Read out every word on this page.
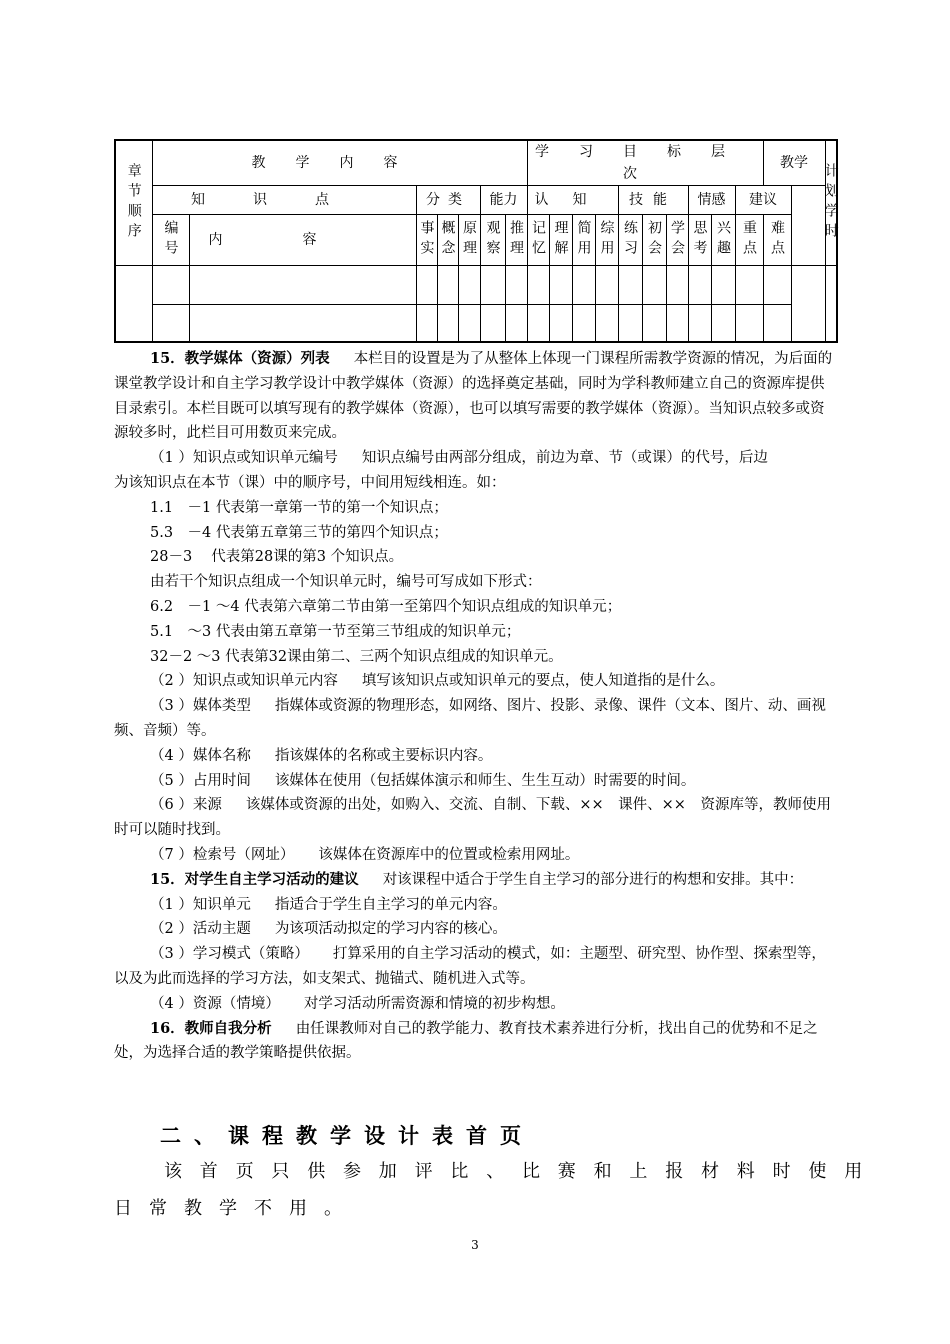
章节顺序	教学内容							学习目标层次										教学		计划学时
	知识点		分类			能力		认知				技能			情感		建议			
	编号	内容	事实	概念	原理	观察	推理	记忆	理解	简用	综用	练习	初会	学会	思考	兴趣	重点	难点		

15．教学媒体（资源）列表 本栏目的设置是为了从整体上体现一门课程所需教学资源的情况，为后面的课堂教学设计和自主学习教学设计中教学媒体（资源）的选择奠定基础，同时为学科教师建立自己的资源库提供目录索引。本栏目既可以填写现有的教学媒体（资源），也可以填写需要的教学媒体（资源）。当知识点较多或资源较多时，此栏目可用数页来完成。

（1 ）知识点或知识单元编号 知识点编号由两部分组成，前边为章、节（或课）的代号，后边

为该知识点在本节（课）中的顺序号，中间用短线相连。如：

1.1　－1 代表第一章第一节的第一个知识点；

5.3　－4 代表第五章第三节的第四个知识点；

28－3　 代表第28课的第3 个知识点。

由若干个知识点组成一个知识单元时，编号可写成如下形式：

6.2　－1 ～4 代表第六章第二节由第一至第四个知识点组成的知识单元；

5.1　～3 代表由第五章第一节至第三节组成的知识单元；

32－2 ～3 代表第32课由第二、三两个知识点组成的知识单元。

（2 ）知识点或知识单元内容 填写该知识点或知识单元的要点，使人知道指的是什么。

（3 ）媒体类型 指媒体或资源的物理形态，如网络、图片、投影、录像、课件（文本、图片、动、画视频、音频）等。

（4 ）媒体名称 指该媒体的名称或主要标识内容。

（5 ）占用时间 该媒体在使用（包括媒体演示和师生、生生互动）时需要的时间。

（6 ）来源 该媒体或资源的出处，如购入、交流、自制、下载、××　课件、××　资源库等，教师使用时可以随时找到。

（7 ）检索号（网址） 该媒体在资源库中的位置或检索用网址。

15．对学生自主学习活动的建议 对该课程中适合于学生自主学习的部分进行的构想和安排。其中：

（1 ）知识单元 指适合于学生自主学习的单元内容。

（2 ）活动主题 为该项活动拟定的学习内容的核心。

（3 ）学习模式（策略） 打算采用的自主学习活动的模式，如：主题型、研究型、协作型、探索型等，以及为此而选择的学习方法，如支架式、抛锚式、随机进入式等。

（4 ）资源（情境） 对学习活动所需资源和情境的初步构想。

16．教师自我分析 由任课教师对自己的教学能力、教育技术素养进行分析，找出自己的优势和不足之处，为选择合适的教学策略提供依据。

二、课程教学设计表首页
该首页只供参加评比、比赛和上报材料时使用
日常教学不用。
3
